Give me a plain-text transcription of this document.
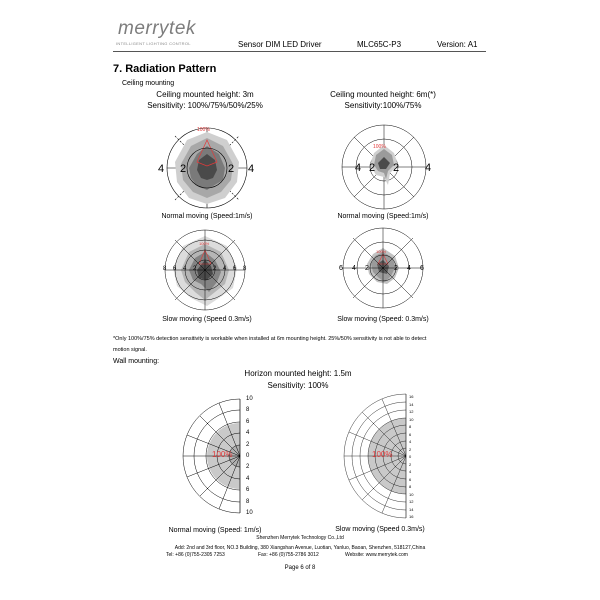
merrytek
INTELLIGENT LIGHTING CONTROL	Sensor DIM LED Driver	MLC65C-P3	Version: A1
7. Radiation Pattern
Ceiling mounting
Ceiling mounted height: 3m
Sensitivity: 100%/75%/50%/25%
Ceiling mounted height: 6m(*)
Sensitivity:100%/75%
100%
4 2	2 4
Normal moving (Speed:1m/s)
100%
4 2 2 4
Normal moving (Speed:1m/s)
100%
8 6 4 2	2 4 6 8
Slow moving (Speed 0.3m/s)
100%
6 4 2	2 4 6
Slow moving (Speed: 0.3m/s)
*Only 100%/75% detection sensitivity is workable when installed at 6m mounting height. 25%/50% sensitivity is not able to detect
motion signal.
Wall mounting:
Horizon mounted height: 1.5m
Sensitivity: 100%
100%
10
8
6
4
2
0
2
4
6
8
10
Normal moving (Speed∶ 1m/s)
100%
16
14
12
10
8
6
4
2
0
2
4
6
8
10
12
14
16
Slow moving (Speed 0.3m/s)
Shenzhen Merrytek Technology Co.,Ltd
Add: 2nd and 3rd floor, NO.3 Building, 380 Xiangshan Avenue, Luotian, Yanluo, Baoan, Shenzhen, 518127,China
Tel: +86 (0)755-2305 7253	Fax: +86 (0)755-2786 3012	Website: www.merrytek.com
Page 6 of 8
